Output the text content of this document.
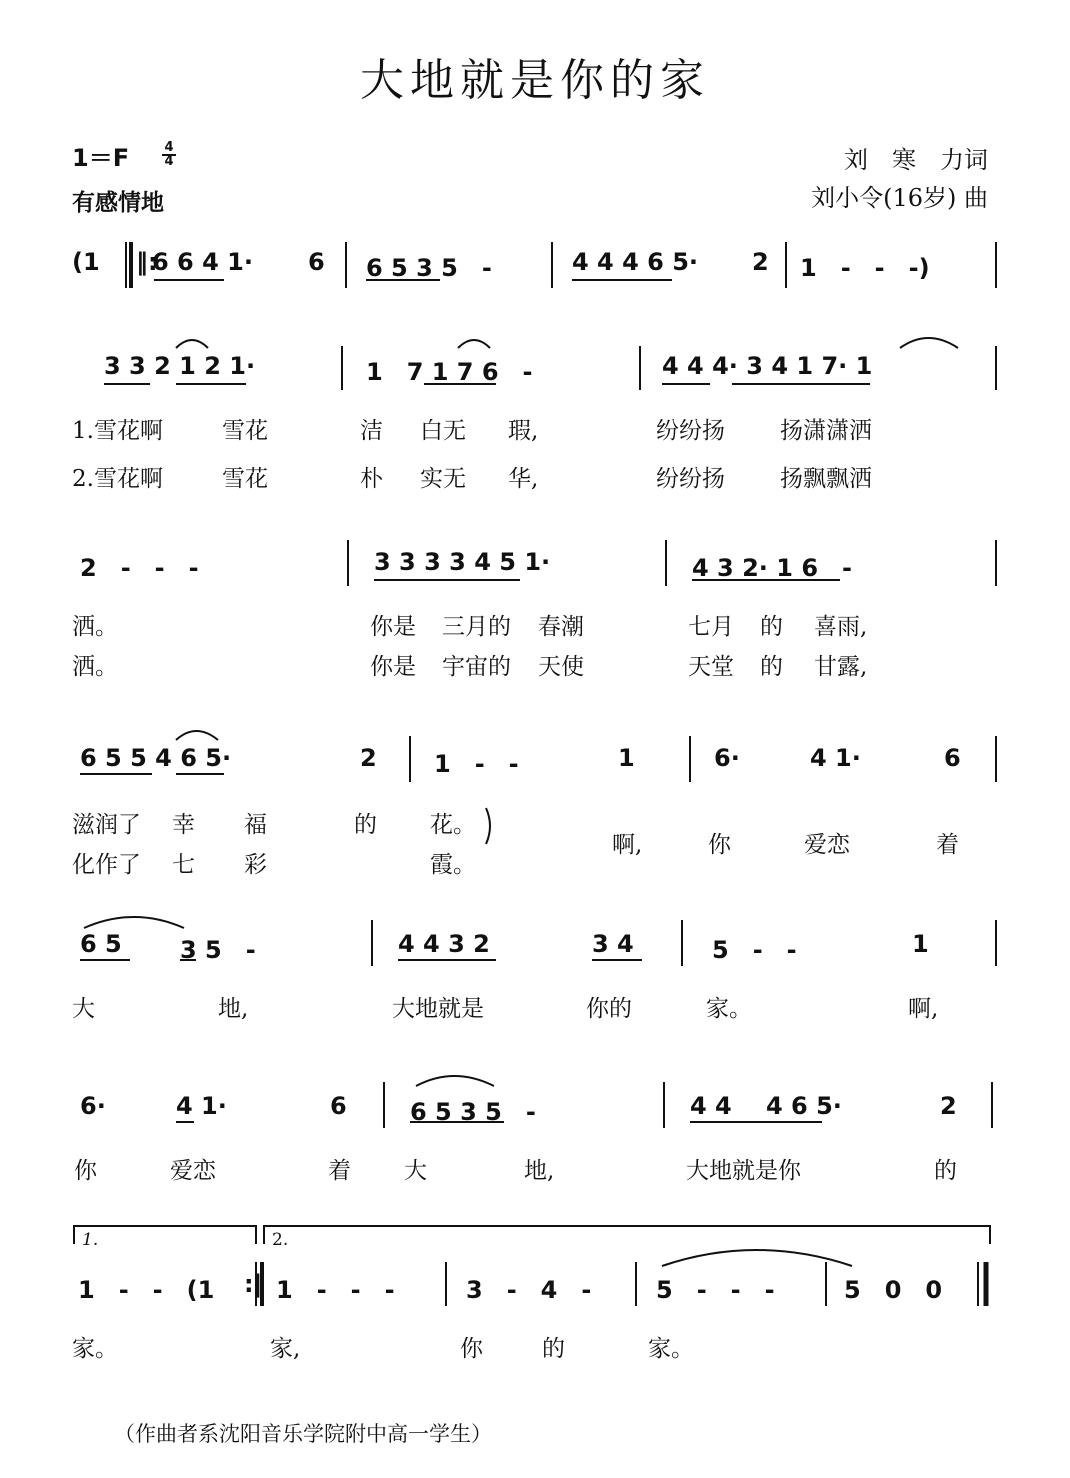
大地就是你的家
1＝F	4
4
有感情地
刘　寒　力词
刘小令(16岁) 曲
(1 ‖:
6 6 4 1· 6 6 5 3 5　-	4 4 4 6 5· 2 1　-　-　-)
3 3 2 1 2 1·	1　7 1 7 6　-	4 4 4· 3 4 1 7· 1
1.雪花啊	雪花	洁 白无 瑕,	纷纷扬 扬潇潇洒
2.雪花啊	雪花	朴 实无 华,	纷纷扬 扬飘飘洒
2　-　-　-	3 3 3 3 4 5 1·	4 3 2· 1 6　-
洒。	你是 三月的 春潮	七月 的 喜雨,
洒。	你是 宇宙的 天使	天堂 的 甘露,
6 5 5 4 6 5·	2 1　-　-	1	6·	4 1·	6
滋润了 幸 福	的 花。
化作了 七 彩	霞。
啊,	你	爱恋	着
6 5 3 5　-	4 4 3 2	3 4	5　-　-	1
大	地,	大地就是	你的	家。	啊,
6·	4 1·	6	6 5 3 5　-	4 4 4 6 5·	2
你	爱恋	着 大	地,	大地就是你	的
1.	2.
1　-　-　(1 :‖ 1　-　-　-	3　-　4　-	5　-　-　-	5　0　0
家。	家,	你	的	家。
（作曲者系沈阳音乐学院附中高一学生）
